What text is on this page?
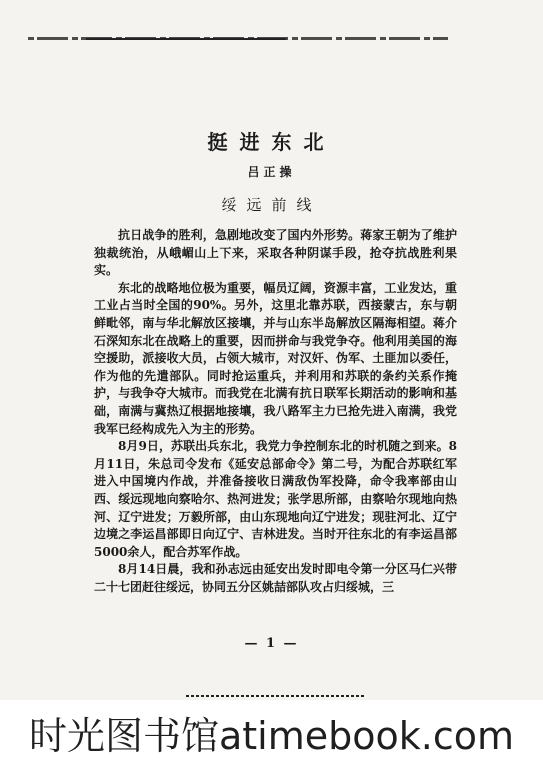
挺进东北
吕正操
绥远前线

抗日战争的胜利，急剧地改变了国内外形势。蒋家王朝为了维护独裁统治，从峨嵋山上下来，采取各种阴谋手段，抢夺抗战胜利果实。

东北的战略地位极为重要，幅员辽阔，资源丰富，工业发达，重工业占当时全国的90%。另外，这里北靠苏联，西接蒙古，东与朝鲜毗邻，南与华北解放区接壤，并与山东半岛解放区隔海相望。蒋介石深知东北在战略上的重要，因而拼命与我党争夺。他利用美国的海空援助，派接收大员，占领大城市，对汉奸、伪军、土匪加以委任，作为他的先遣部队。同时抢运重兵，并利用和苏联的条约关系作掩护，与我争夺大城市。而我党在北满有抗日联军长期活动的影响和基础，南满与冀热辽根据地接壤，我八路军主力已抢先进入南满，我党我军已经构成先入为主的形势。

8月9日，苏联出兵东北，我党力争控制东北的时机随之到来。8月11日，朱总司令发布《延安总部命令》第二号，为配合苏联红军进入中国境内作战，并准备接收日满敌伪军投降，命令我率部由山西、绥远现地向察哈尔、热河进发；张学思所部，由察哈尔现地向热河、辽宁进发；万毅所部，由山东现地向辽宁进发；现驻河北、辽宁边境之李运昌部即日向辽宁、吉林进发。当时开往东北的有李运昌部5000余人，配合苏军作战。

8月14日晨，我和孙志远由延安出发时即电令第一分区马仁兴带二十七团赶往绥远，协同五分区姚喆部队攻占归绥城，三

— 1 —
时光图书馆atimebook.com
